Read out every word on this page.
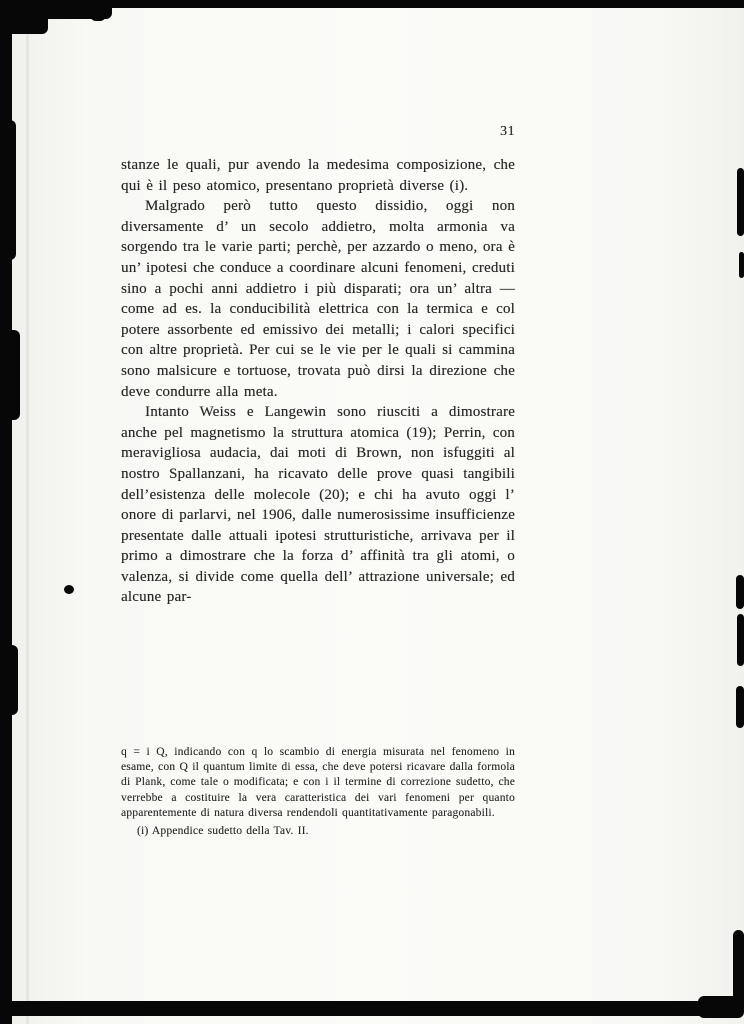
31

stanze le quali, pur avendo la medesima composizione, che qui è il peso atomico, presentano proprietà diverse (i).

Malgrado però tutto questo dissidio, oggi non diversamente d’ un secolo addietro, molta armonia va sorgendo tra le varie parti; perchè, per azzardo o meno, ora è un’ ipotesi che conduce a coordinare alcuni fenomeni, creduti sino a pochi anni addietro i più disparati; ora un’ altra — come ad es. la conducibilità elettrica con la termica e col potere assorbente ed emissivo dei metalli; i calori specifici con altre proprietà. Per cui se le vie per le quali si cammina sono malsicure e tortuose, trovata può dirsi la direzione che deve condurre alla meta.

Intanto Weiss e Langewin sono riusciti a dimostrare anche pel magnetismo la struttura atomica (19); Perrin, con meravigliosa audacia, dai moti di Brown, non isfuggiti al nostro Spallanzani, ha ricavato delle prove quasi tangibili dell’esistenza delle molecole (20); e chi ha avuto oggi l’ onore di parlarvi, nel 1906, dalle numerosissime insufficienze presentate dalle attuali ipotesi strutturistiche, arrivava per il primo a dimostrare che la forza d’ affinità tra gli atomi, o valenza, si divide come quella dell’ attrazione universale; ed alcune par-

q = i Q, indicando con q lo scambio di energia misurata nel fenomeno in esame, con Q il quantum limite di essa, che deve potersi ricavare dalla formola di Plank, come tale o modificata; e con i il termine di correzione sudetto, che verrebbe a costituire la vera caratteristica dei vari fenomeni per quanto apparentemente di natura diversa rendendoli quantitativamente paragonabili.

(i) Appendice sudetto della Tav. II.
